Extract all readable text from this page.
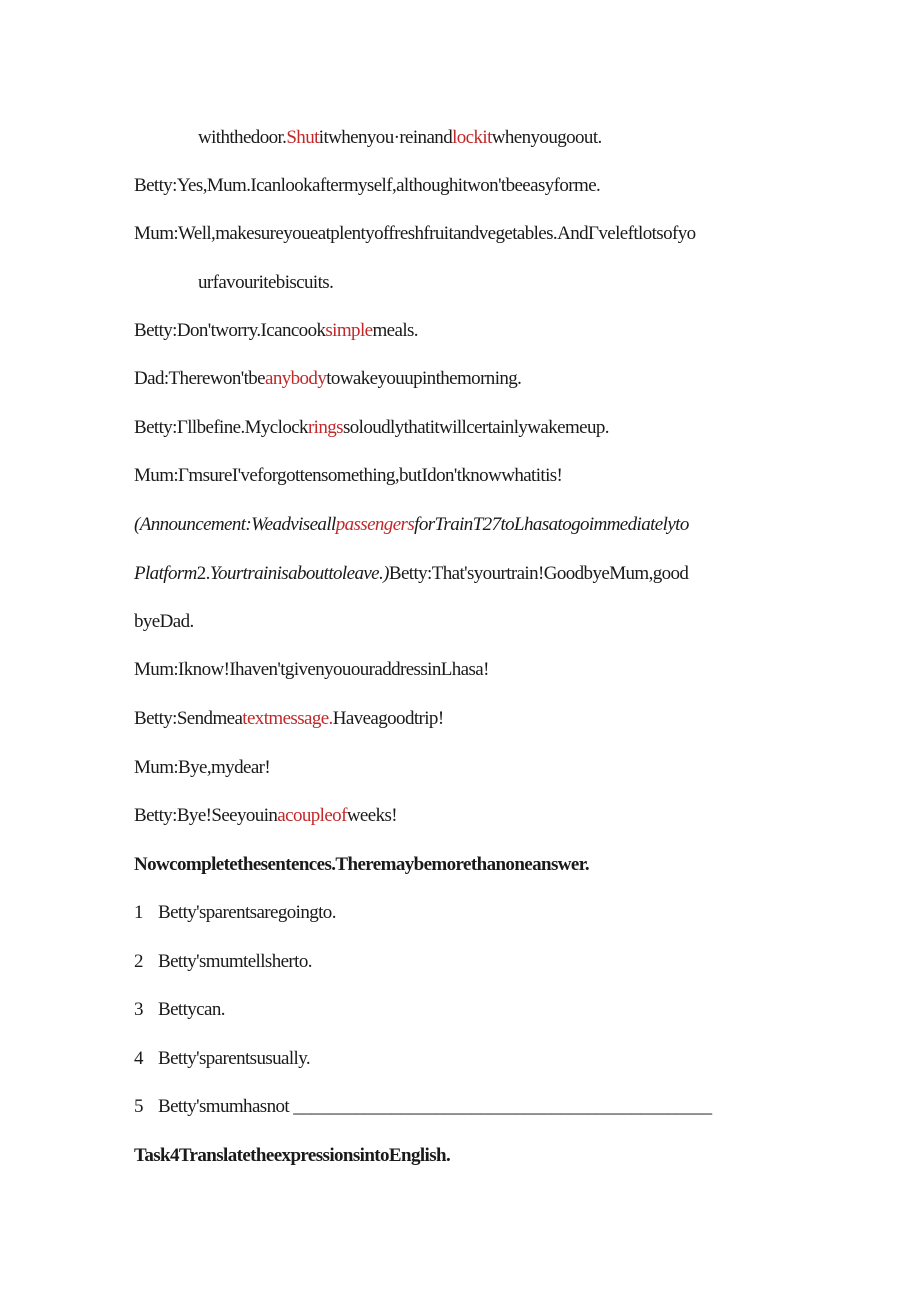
withthedoor.Shutitwhenyou·reinandlockitwhenyougoout.
Betty:Yes,Mum.Icanlookaftermyself,althoughitwon'tbeeasyforme.
Mum:Well,makesureyoueatplentyoffreshfruitandvegetables.AndΓveleftlotsofyo
urfavouritebiscuits.
Betty:Don'tworry.Icancooksimplemeals.
Dad:Therewon'tbeanybodytowakeyouupinthemorning.
Betty:Γllbefine.Myclockringssoloudlythatitwillcertainlywakemeup.
Mum:ΓmsureI'veforgottensomething,butIdon'tknowwhatitis!
(Announcement:WeadviseallpassengersforTrainT27toLhasatogoimmediatelyto
Platform2.Yourtrainisabouttoleave.)Betty:That'syourtrain!GoodbyeMum,good
byeDad.
Mum:Iknow!Ihaven'tgivenyououraddressinLhasa!
Betty:Sendmeatextmessage.Haveagoodtrip!
Mum:Bye,mydear!
Betty:Bye!Seeyouinacoupleofweeks!
Nowcompletethesentences.Theremaybemorethanoneanswer.
1 Betty'sparentsaregoingto.
2 Betty'smumtellsherto.
3 Bettycan.
4 Betty'sparentsusually.
5 Betty'smumhasnot _______________________________________________
Task4TranslatetheexpressionsintoEnglish.
